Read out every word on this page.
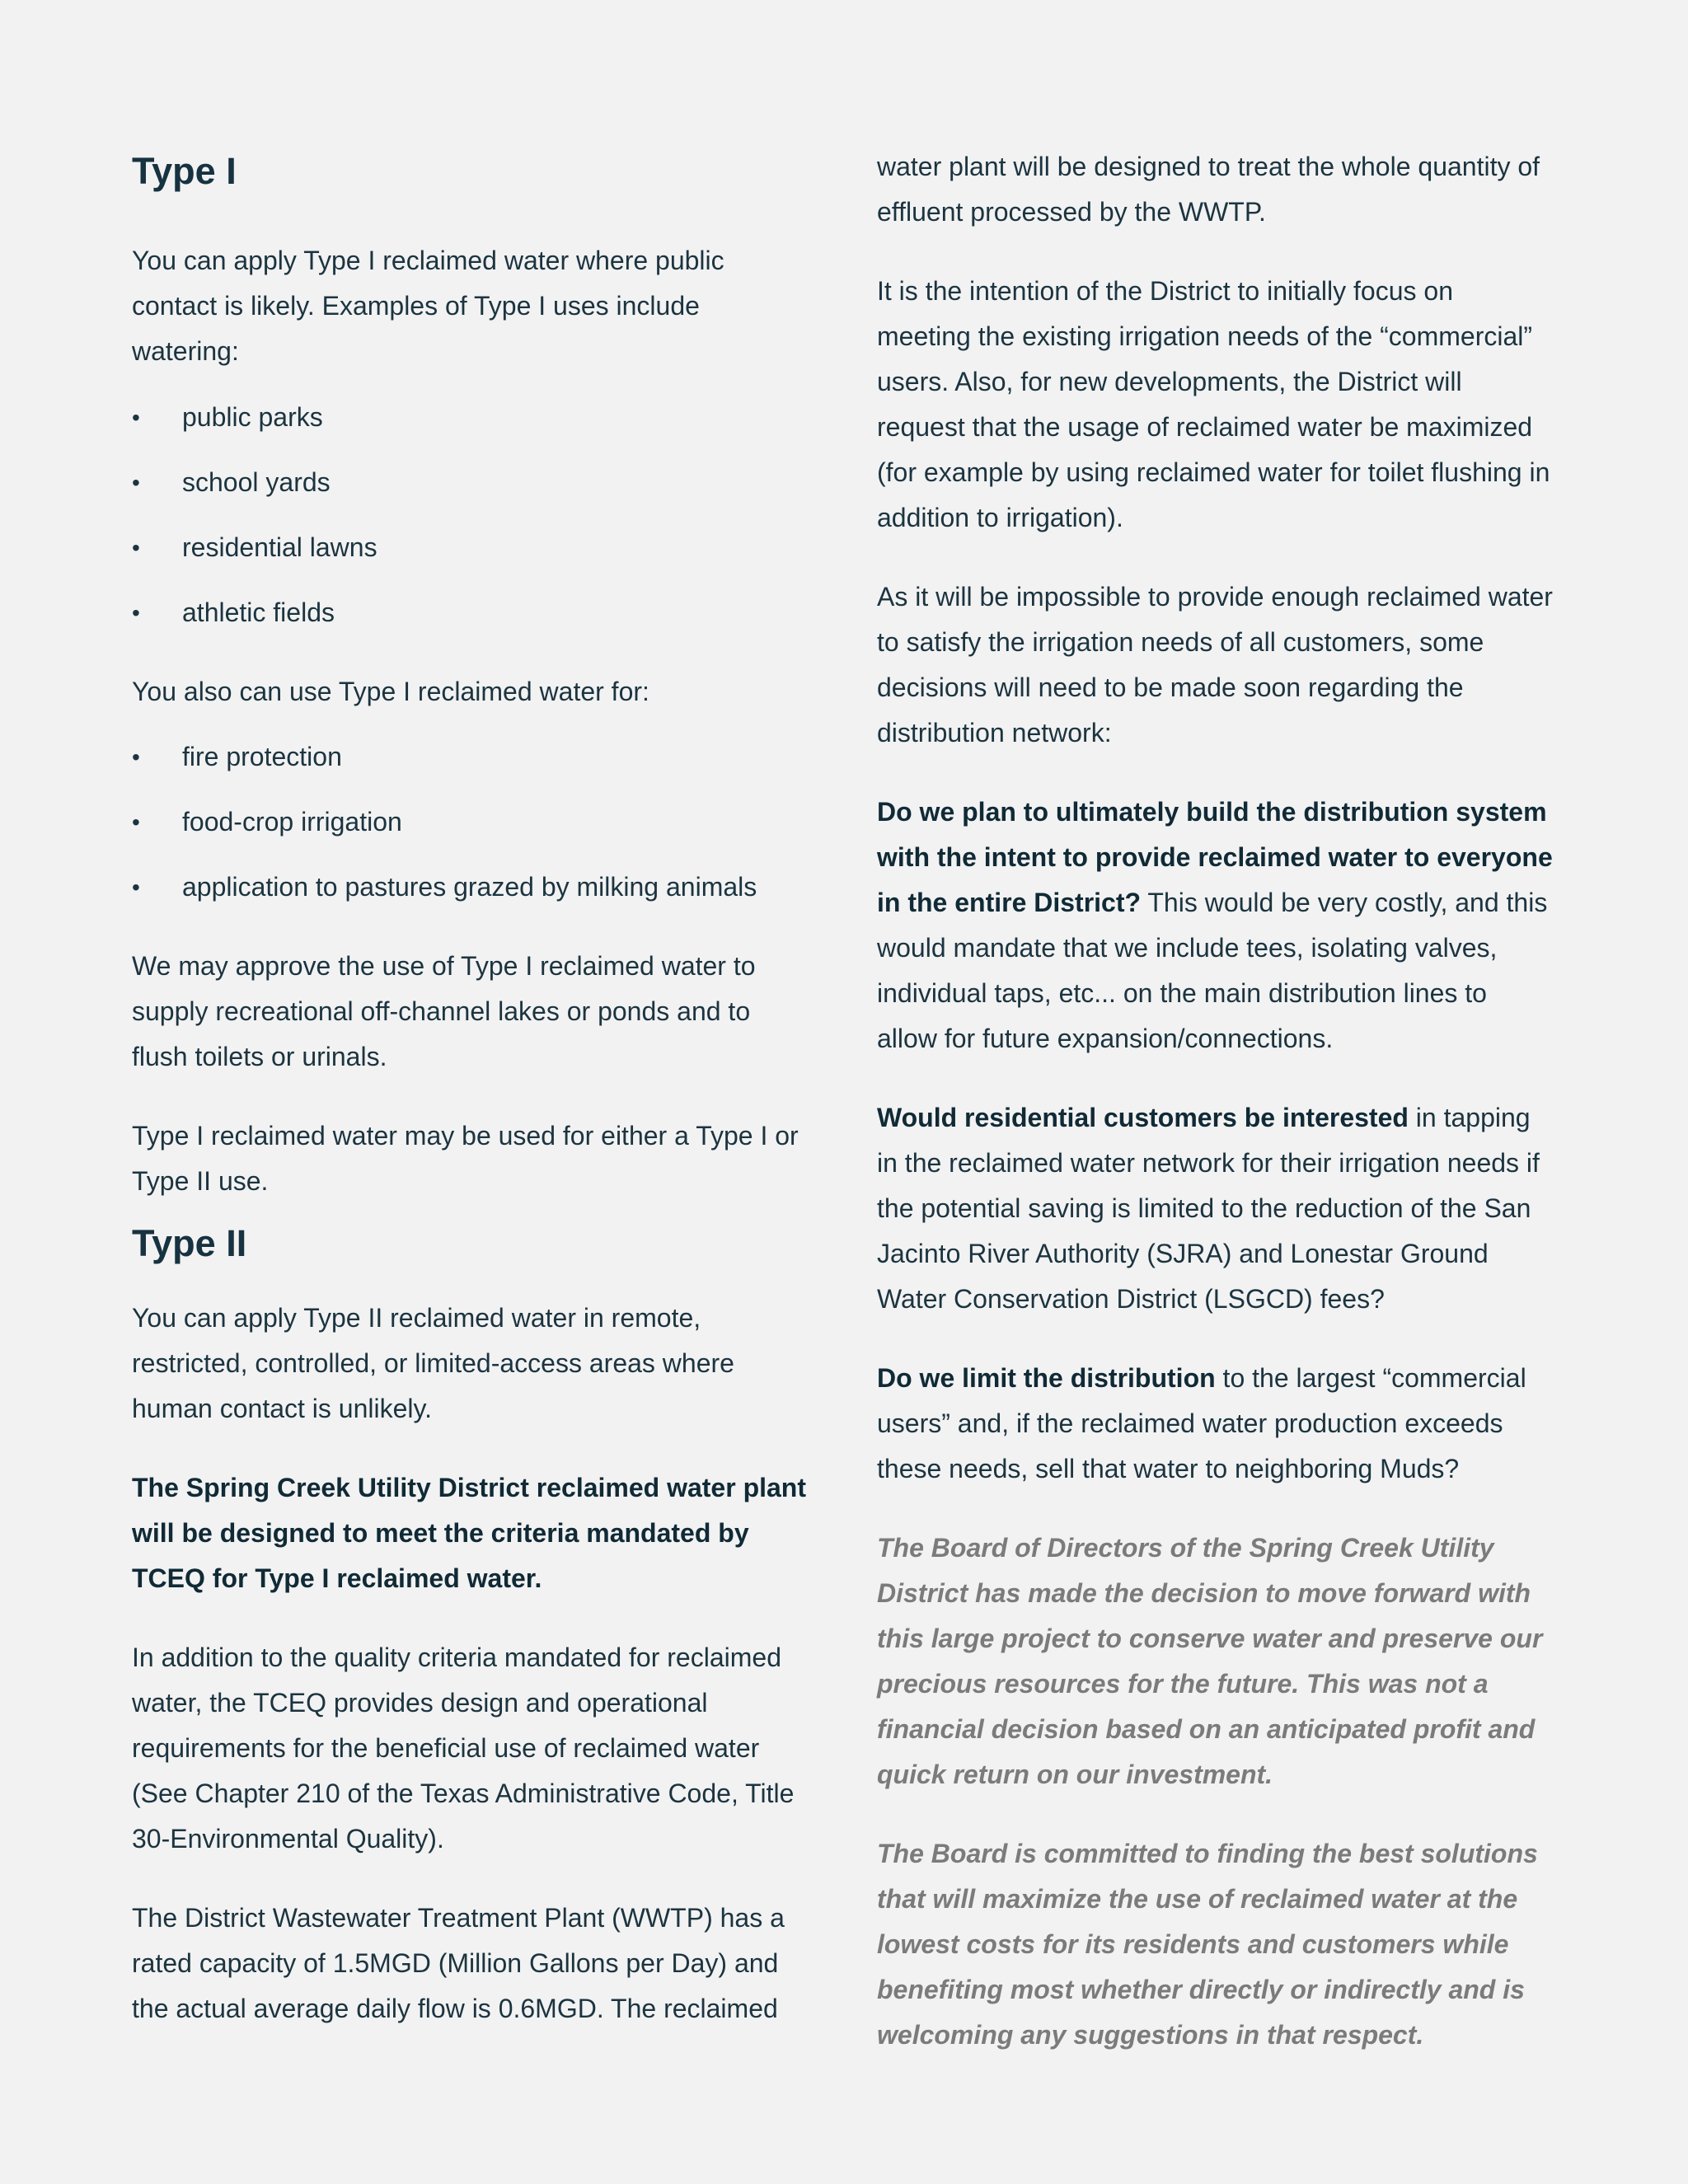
Type I

You can apply Type I reclaimed water where public contact is likely. Examples of Type I uses include watering:

• public parks
• school yards
• residential lawns
• athletic fields

You also can use Type I reclaimed water for:

• fire protection
• food-crop irrigation
• application to pastures grazed by milking animals

We may approve the use of Type I reclaimed water to supply recreational off-channel lakes or ponds and to flush toilets or urinals.

Type I reclaimed water may be used for either a Type I or Type II use.

Type II

You can apply Type II reclaimed water in remote, restricted, controlled, or limited-access areas where human contact is unlikely.

The Spring Creek Utility District reclaimed water plant will be designed to meet the criteria mandated by TCEQ for Type I reclaimed water.

In addition to the quality criteria mandated for reclaimed water, the TCEQ provides design and operational requirements for the beneficial use of reclaimed water (See Chapter 210 of the Texas Administrative Code, Title 30-Environmental Quality).

The District Wastewater Treatment Plant (WWTP) has a rated capacity of 1.5MGD (Million Gallons per Day) and the actual average daily flow is 0.6MGD. The reclaimed

water plant will be designed to treat the whole quantity of effluent processed by the WWTP.

It is the intention of the District to initially focus on meeting the existing irrigation needs of the “commercial” users. Also, for new developments, the District will request that the usage of reclaimed water be maximized (for example by using reclaimed water for toilet flushing in addition to irrigation).

As it will be impossible to provide enough reclaimed water to satisfy the irrigation needs of all customers, some decisions will need to be made soon regarding the distribution network:

Do we plan to ultimately build the distribution system with the intent to provide reclaimed water to everyone in the entire District? This would be very costly, and this would mandate that we include tees, isolating valves, individual taps, etc... on the main distribution lines to allow for future expansion/connections.

Would residential customers be interested in tapping in the reclaimed water network for their irrigation needs if the potential saving is limited to the reduction of the San Jacinto River Authority (SJRA) and Lonestar Ground Water Conservation District (LSGCD) fees?

Do we limit the distribution to the largest “commercial users” and, if the reclaimed water production exceeds these needs, sell that water to neighboring Muds?

The Board of Directors of the Spring Creek Utility District has made the decision to move forward with this large project to conserve water and preserve our precious resources for the future. This was not a financial decision based on an anticipated profit and quick return on our investment.

The Board is committed to finding the best solutions that will maximize the use of reclaimed water at the lowest costs for its residents and customers while benefiting most whether directly or indirectly and is welcoming any suggestions in that respect.
